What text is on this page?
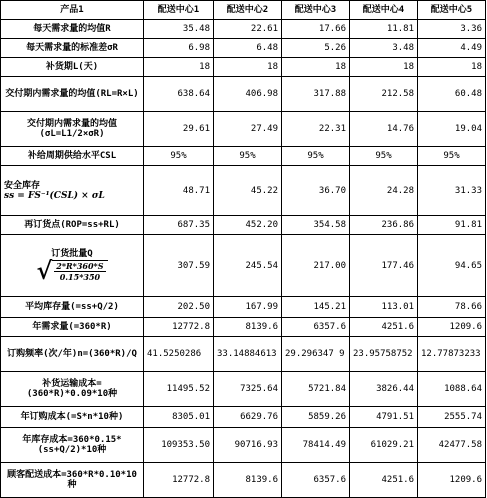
产品1	配送中心1	配送中心2	配送中心3	配送中心4	配送中心5
每天需求量的均值R	35.48	22.61	17.66	11.81	3.36
每天需求量的标准差σR	6.98	6.48	5.26	3.48	4.49
补货期L(天)	18	18	18	18	18
交付期内需求量的均值(RL=R×L)	638.64	406.98	317.88	212.58	60.48
交付期内需求量的均值(σL=L1/2×σR)	29.61	27.49	22.31	14.76	19.04
补给周期供给水平CSL	95%	95%	95%	95%	95%
安全库存
ss = FS⁻¹(CSL) × σL	48.71	45.22	36.70	24.28	31.33
再订货点(ROP=ss+RL)	687.35	452.20	354.58	236.86	91.81
订货批量Q

√ $\frac{2*R*360*S}{0.15*350}$	307.59	245.54	217.00	177.46	94.65
平均库存量(=ss+Q/2)	202.50	167.99	145.21	113.01	78.66
年需求量(=360*R)	12772.8	8139.6	6357.6	4251.6	1209.6
订购频率(次/年)n=(360*R)/Q	41.5250286	33.14884613	29.296347 9	23.95758752	12.77873233
补货运输成本=(360*R)*0.09*10种	11495.52	7325.64	5721.84	3826.44	1088.64
年订购成本(=S*n*10种)	8305.01	6629.76	5859.26	4791.51	2555.74
年库存成本=360*0.15*(ss+Q/2)*10种	109353.50	90716.93	78414.49	61029.21	42477.58
顾客配送成本=360*R*0.10*10种	12772.8	8139.6	6357.6	4251.6	1209.6
